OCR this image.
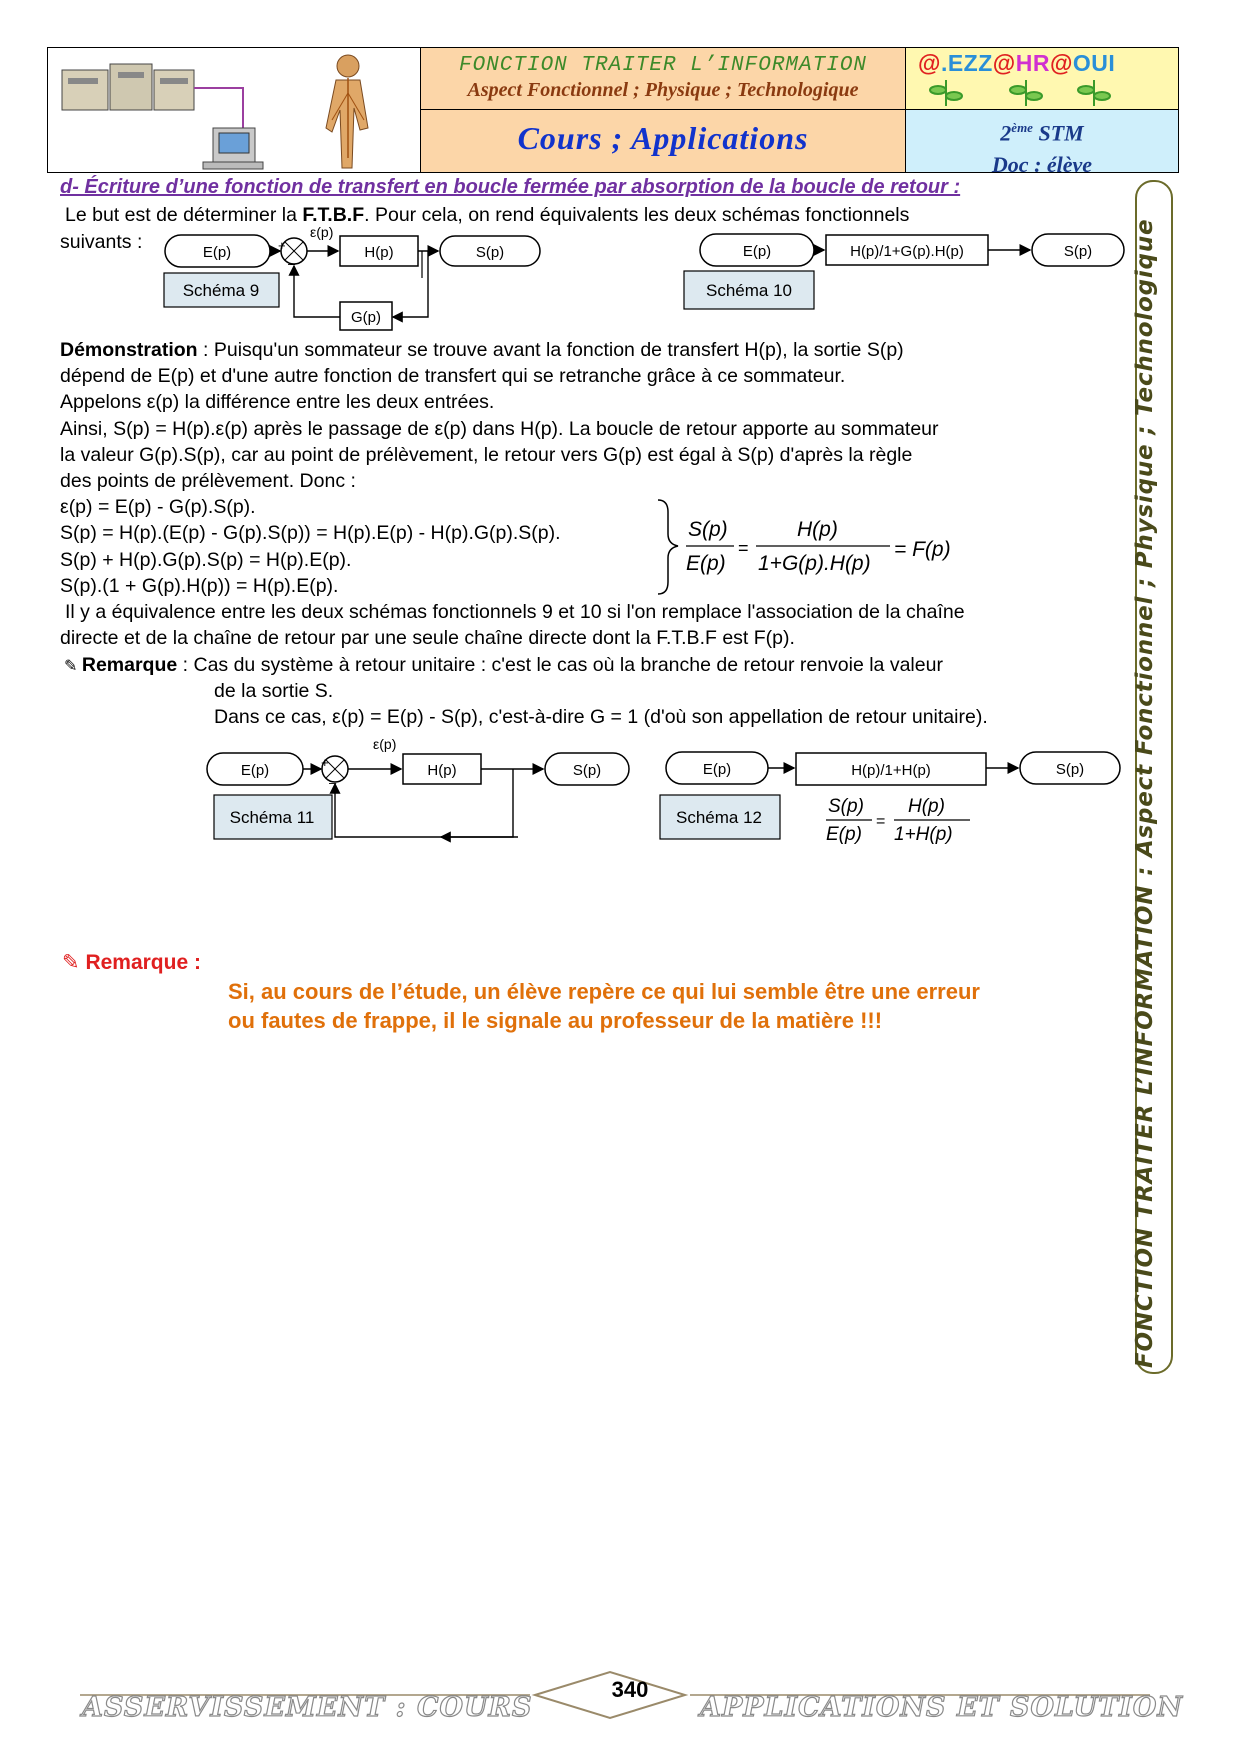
FONCTION TRAITER L’INFORMATION
Aspect Fonctionnel ; Physique ; Technologique
Cours ; Applications
@.EZZ@HR@OUI
2ème STM
Doc : élève
d- Écriture d’une fonction de transfert en boucle fermée par absorption de la boucle de retour :
Le but est de déterminer la F.T.B.F. Pour cela, on rend équivalents les deux schémas fonctionnels
suivants :	E(p)	+
–
ε(p)
H(p)	S(p)
G(p)
Schéma 9
E(p)	H(p)/1+G(p).H(p)	S(p)
Schéma 10
Démonstration : Puisqu'un sommateur se trouve avant la fonction de transfert H(p), la sortie S(p)
dépend de E(p) et d'une autre fonction de transfert qui se retranche grâce à ce sommateur.
Appelons ε(p) la différence entre les deux entrées.
Ainsi, S(p) = H(p).ε(p) après le passage de ε(p) dans H(p). La boucle de retour apporte au sommateur
la valeur G(p).S(p), car au point de prélèvement, le retour vers G(p) est égal à S(p) d'après la règle
des points de prélèvement. Donc :
ε(p) = E(p) - G(p).S(p).
S(p) = H(p).(E(p) - G(p).S(p)) = H(p).E(p) - H(p).G(p).S(p).
S(p) + H(p).G(p).S(p) = H(p).E(p).
S(p).(1 + G(p).H(p)) = H(p).E(p).
S(p)
E(p)
=
H(p)
1+G(p).H(p)
= F(p)
Il y a équivalence entre les deux schémas fonctionnels 9 et 10 si l'on remplace l'association de la chaîne
directe et de la chaîne de retour par une seule chaîne directe dont la F.T.B.F est F(p).
✎ Remarque : Cas du système à retour unitaire : c'est le cas où la branche de retour renvoie la valeur
de la sortie S.
Dans ce cas, ε(p) = E(p) - S(p), c'est-à-dire G = 1 (d'où son appellation de retour unitaire).
E(p)	+
–
ε(p)
H(p)	S(p)
Schéma 11
E(p)	H(p)/1+H(p)	S(p)
Schéma 12
S(p)
E(p)
=
H(p)
1+H(p)
✎ Remarque :
Si, au cours de l’étude, un élève repère ce qui lui semble être une erreur
ou fautes de frappe, il le signale au professeur de la matière !!!	FONCTION TRAITER L’INFORMATION : Aspect Fonctionnel ; Physique ; Technologique
340
ASSERVISSEMENT : COURS	APPLICATIONS ET SOLUTION
